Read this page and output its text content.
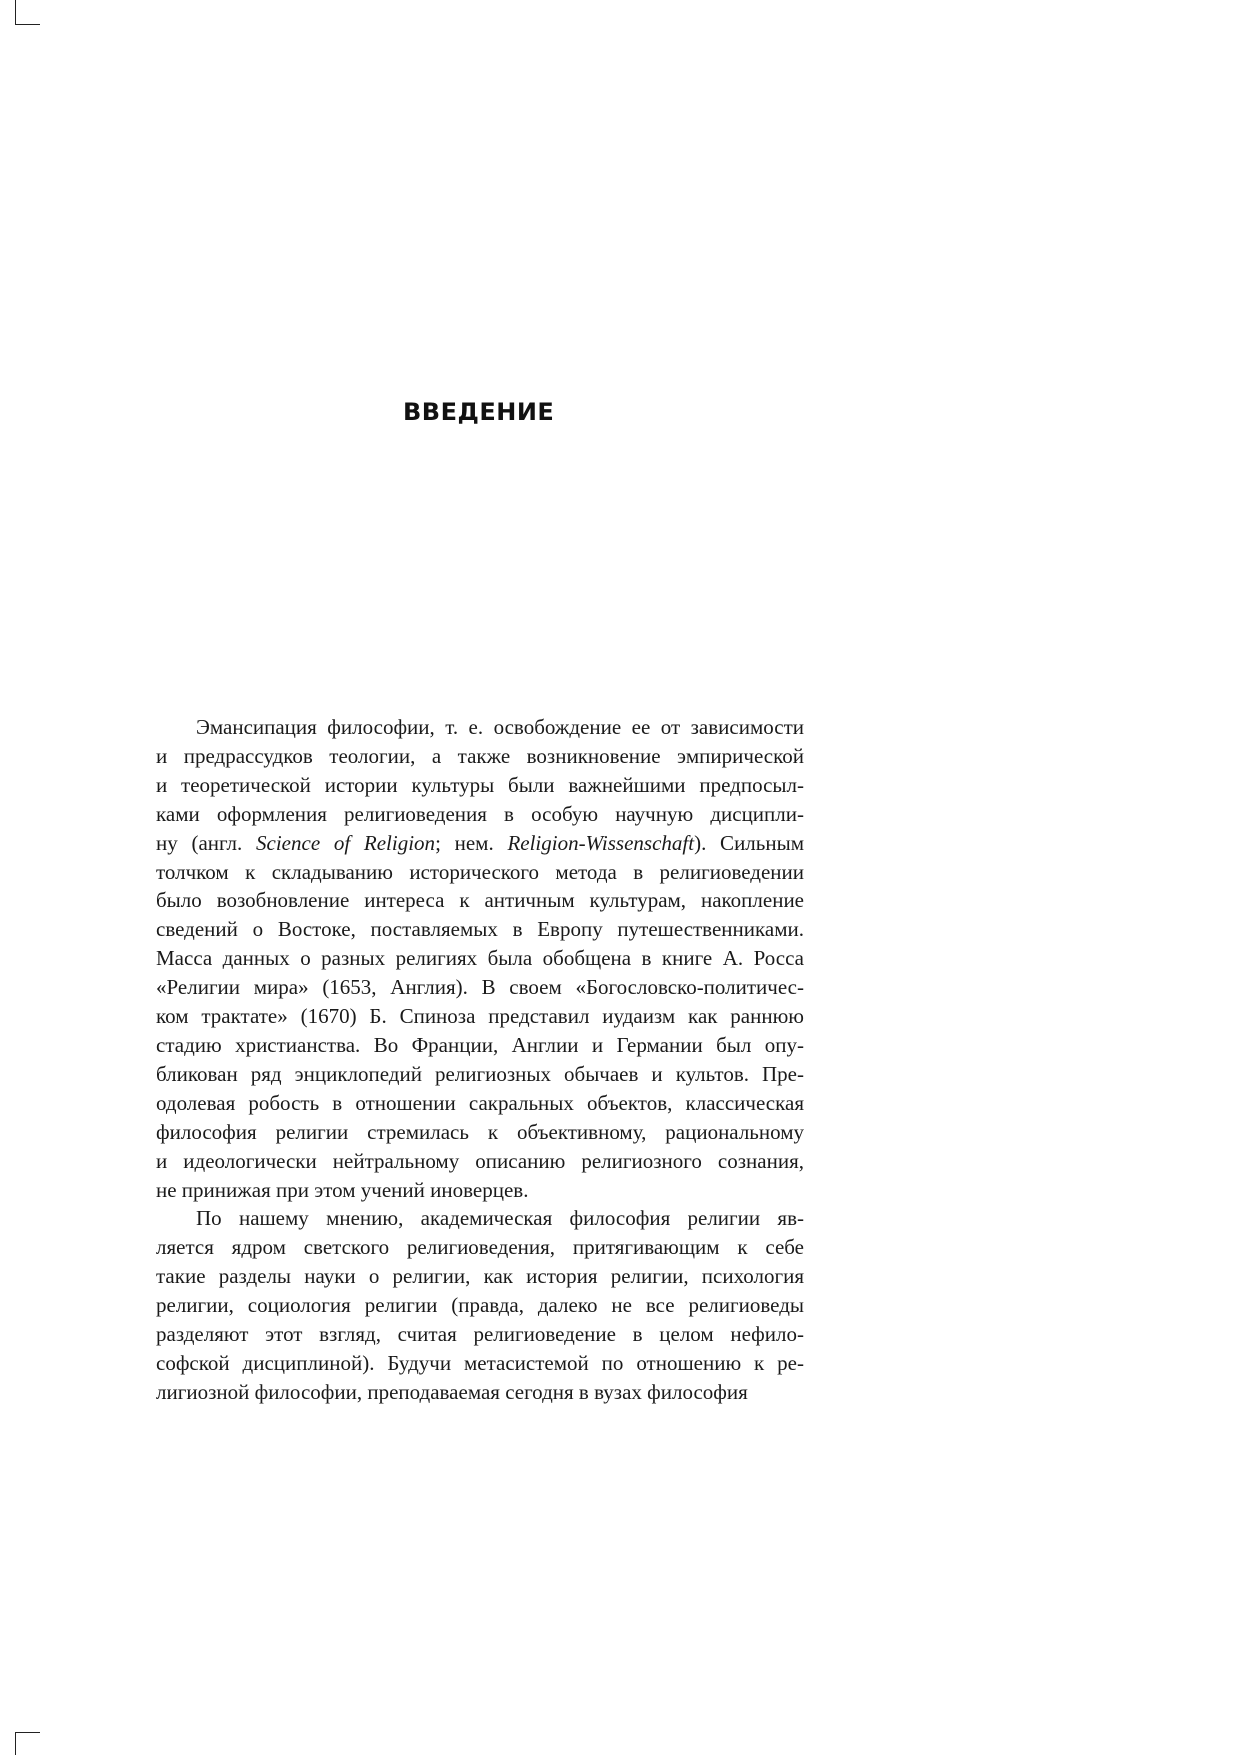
ВВЕДЕНИЕ

Эмансипация философии, т. е. освобождение ее от зависимости
и предрассудков теологии, а также возникновение эмпирической
и теоретической истории культуры были важнейшими предпосыл-
ками оформления религиоведения в особую научную дисципли-
ну (англ. Science of Religion; нем. Religion-Wissenschaft). Сильным
толчком к складыванию исторического метода в религиоведении
было возобновление интереса к античным культурам, накопление
сведений о Востоке, поставляемых в Европу путешественниками.
Масса данных о разных религиях была обобщена в книге А. Росса
«Религии мира» (1653, Англия). В своем «Богословско-политичес-
ком трактате» (1670) Б. Спиноза представил иудаизм как раннюю
стадию христианства. Во Франции, Англии и Германии был опу-
бликован ряд энциклопедий религиозных обычаев и культов. Пре-
одолевая робость в отношении сакральных объектов, классическая
философия религии стремилась к объективному, рациональному
и идеологически нейтральному описанию религиозного сознания,
не принижая при этом учений иноверцев.

По нашему мнению, академическая философия религии яв-
ляется ядром светского религиоведения, притягивающим к себе
такие разделы науки о религии, как история религии, психология
религии, социология религии (правда, далеко не все религиоведы
разделяют этот взгляд, считая религиоведение в целом нефило-
софской дисциплиной). Будучи метасистемой по отношению к ре-
лигиозной философии, преподаваемая сегодня в вузах философия
